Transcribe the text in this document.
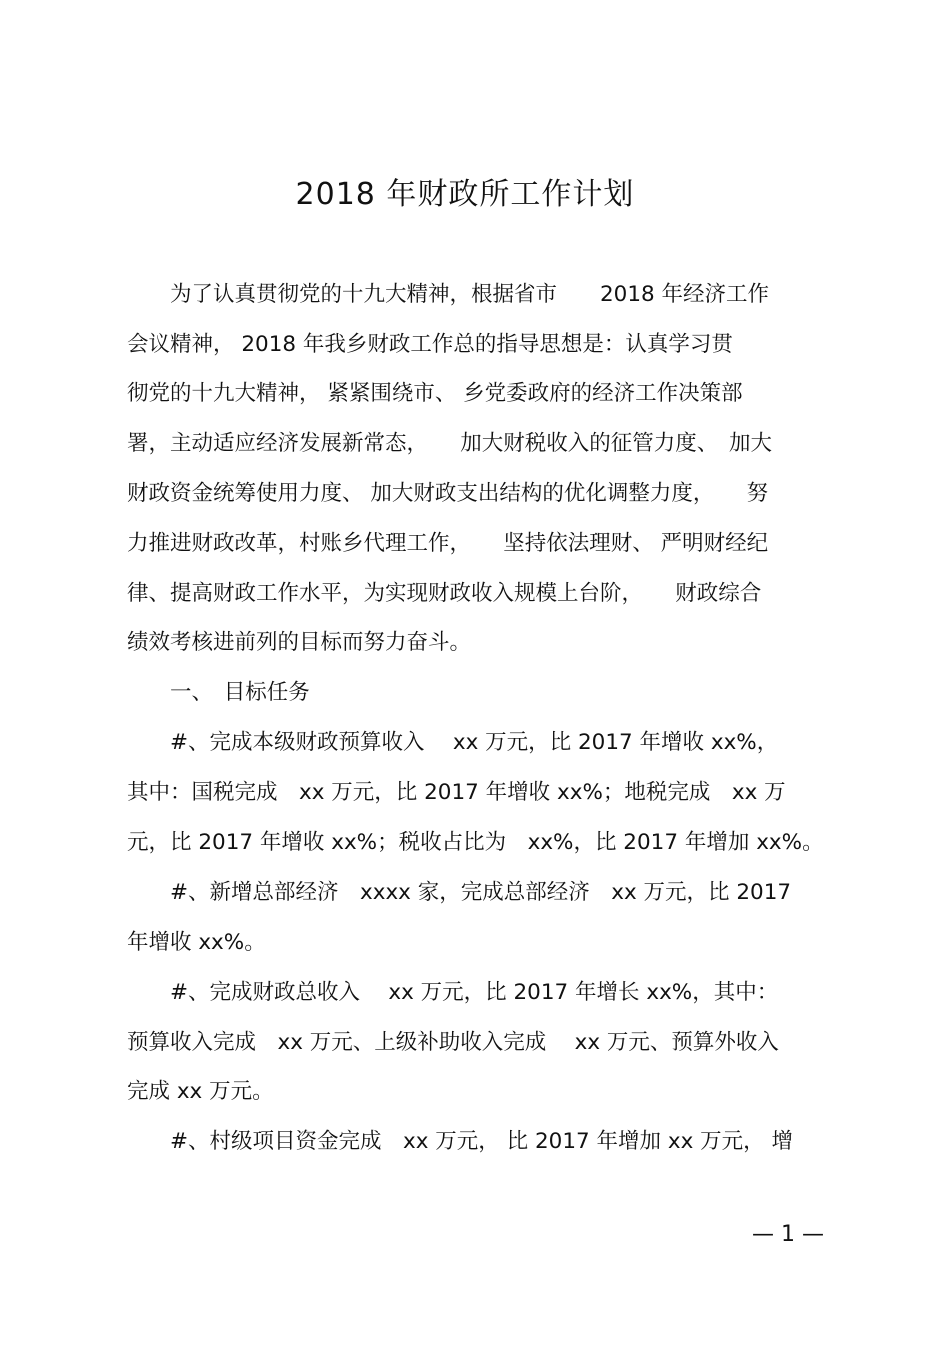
2018 年财政所工作计划
　　为了认真贯彻党的十九大精神，根据省市　　2018 年经济工作
会议精神， 2018 年我乡财政工作总的指导思想是：认真学习贯
彻党的十九大精神， 紧紧围绕市、 乡党委政府的经济工作决策部
署，主动适应经济发展新常态，　　加大财税收入的征管力度、　加大
财政资金统筹使用力度、 加大财政支出结构的优化调整力度，　　努
力推进财政改革，村账乡代理工作，　　坚持依法理财、 严明财经纪
律、提高财政工作水平，为实现财政收入规模上台阶，　　财政综合
绩效考核进前列的目标而努力奋斗。
　　一、　目标任务
　　#、完成本级财政预算收入　 xx 万元，比 2017 年增收 xx%，
其中：国税完成　xx 万元，比 2017 年增收 xx%；地税完成　xx 万
元，比 2017 年增收 xx%；税收占比为　xx%，比 2017 年增加 xx%。
　　#、新增总部经济　xxxx 家，完成总部经济　xx 万元，比 2017
年增收 xx%。
　　#、完成财政总收入　 xx 万元，比 2017 年增长 xx%，其中：
预算收入完成　xx 万元、上级补助收入完成　 xx 万元、预算外收入
完成 xx 万元。
　　#、村级项目资金完成　xx 万元， 比 2017 年增加 xx 万元， 增
— 1 —
